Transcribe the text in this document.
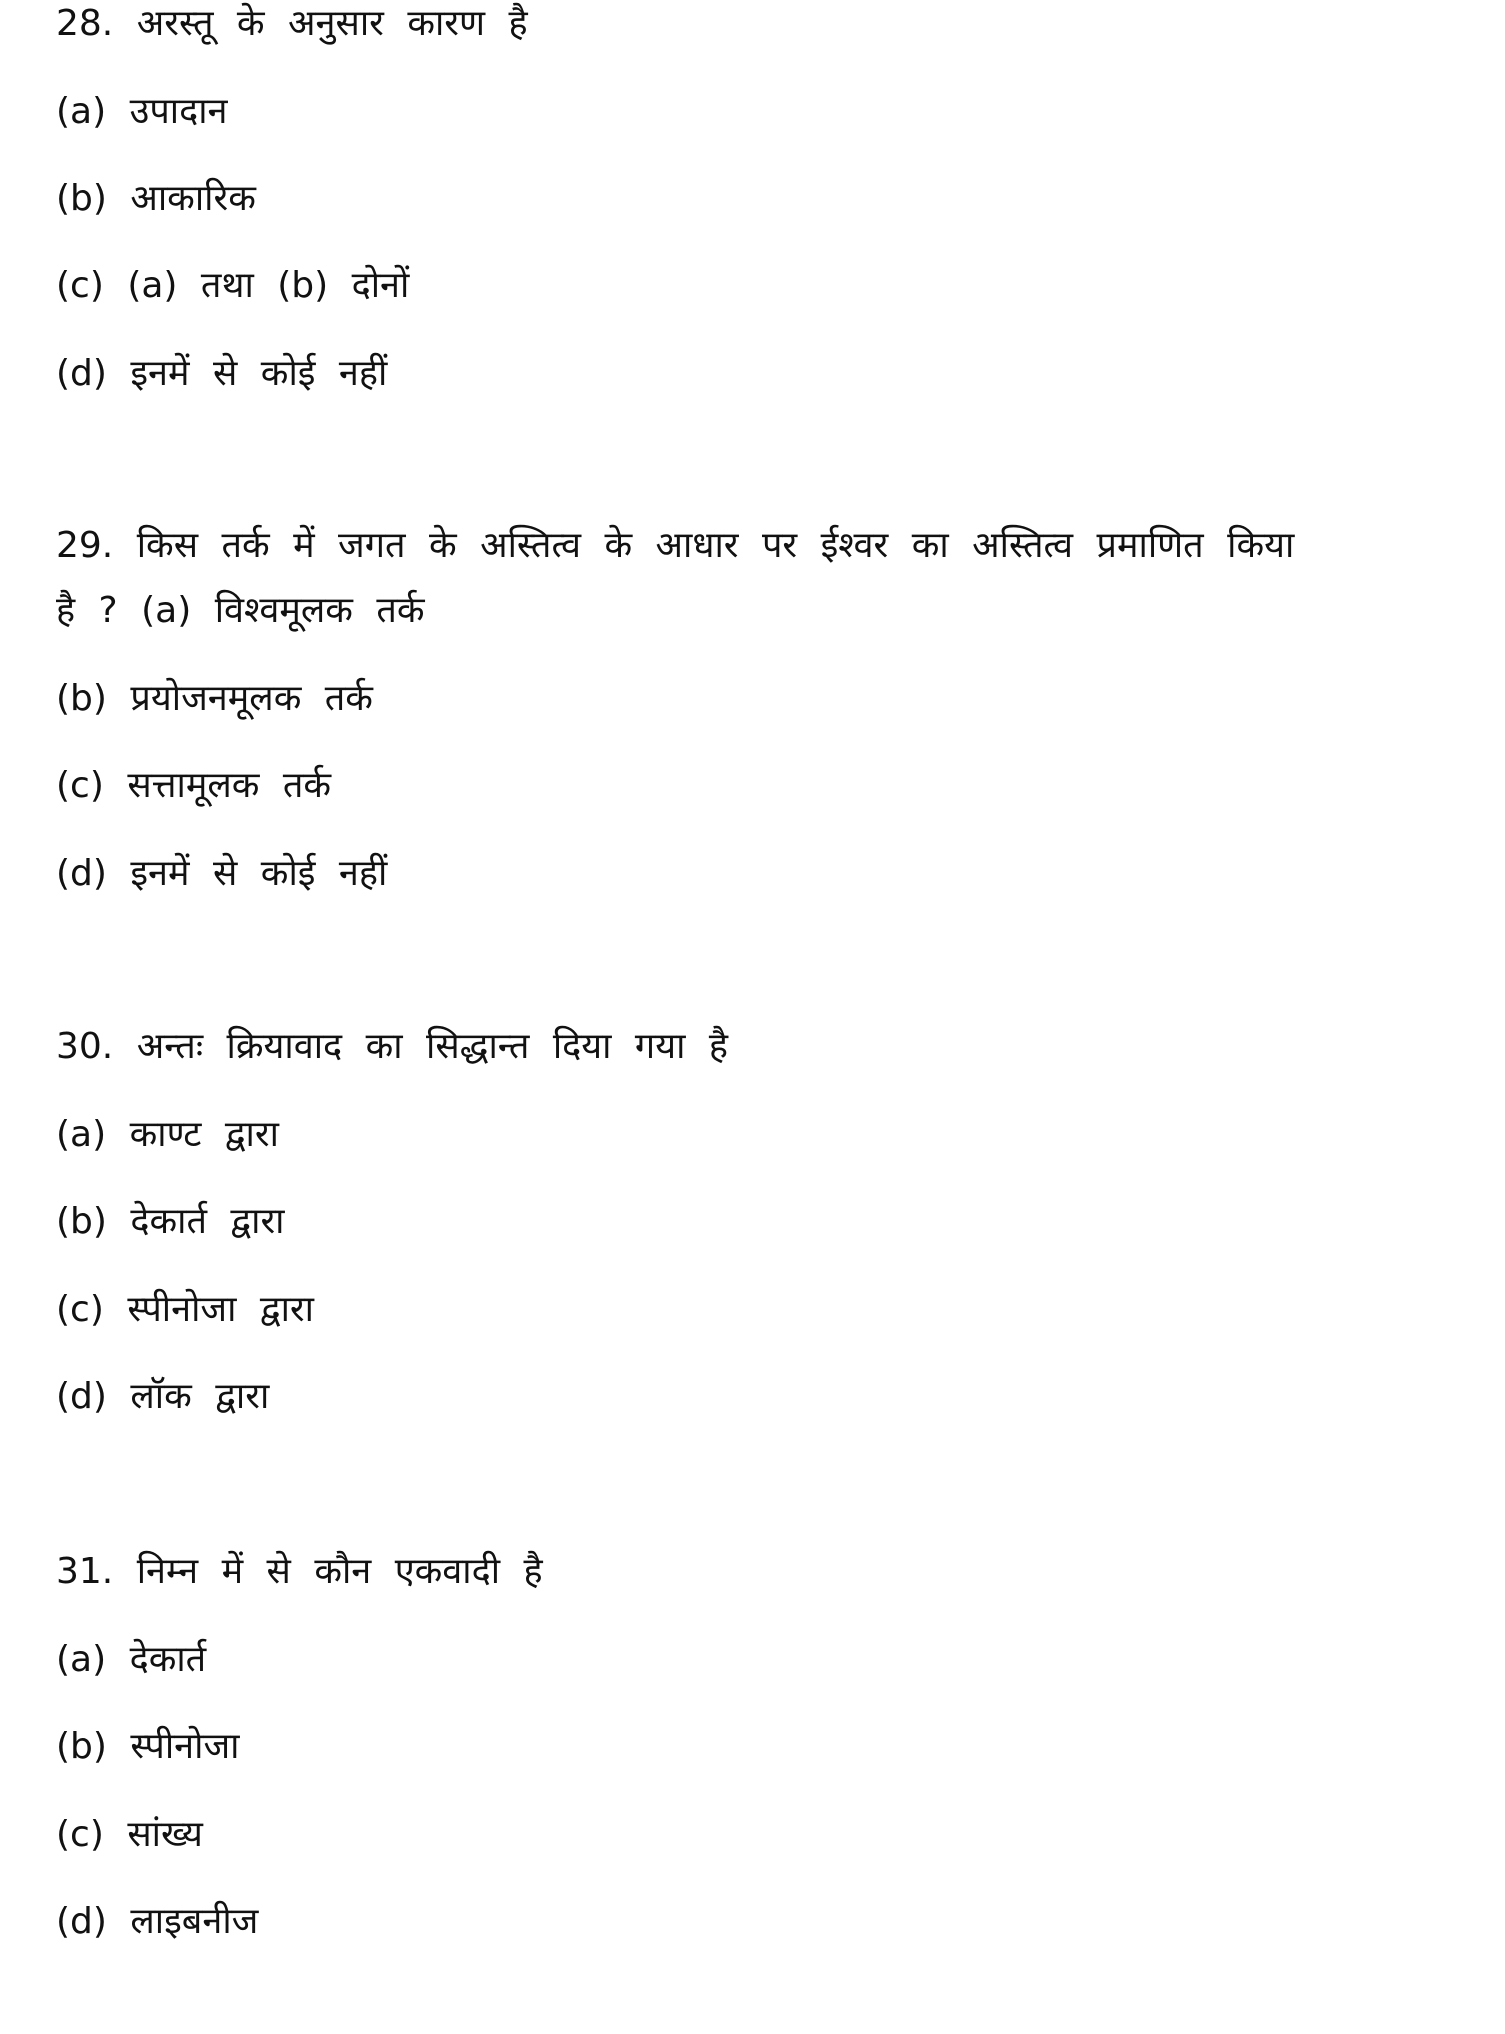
28. अरस्तू के अनुसार कारण है
(a) उपादान
(b) आकारिक
(c) (a) तथा (b) दोनों
(d) इनमें से कोई नहीं
29. किस तर्क में जगत के अस्तित्व के आधार पर ईश्वर का अस्तित्व प्रमाणित किया
है ? (a) विश्वमूलक तर्क
(b) प्रयोजनमूलक तर्क
(c) सत्तामूलक तर्क
(d) इनमें से कोई नहीं
30. अन्तः क्रियावाद का सिद्धान्त दिया गया है
(a) काण्ट द्वारा
(b) देकार्त द्वारा
(c) स्पीनोजा द्वारा
(d) लॉक द्वारा
31. निम्न में से कौन एकवादी है
(a) देकार्त
(b) स्पीनोजा
(c) सांख्य
(d) लाइबनीज
